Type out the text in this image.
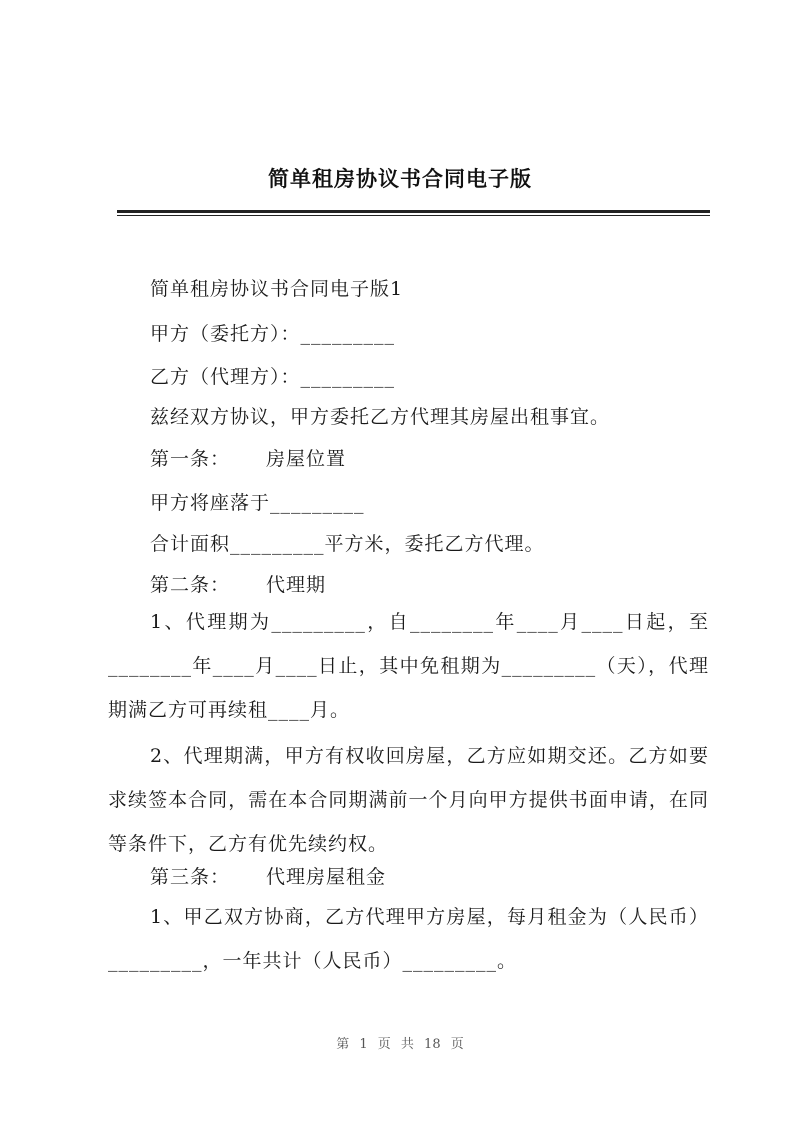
简单租房协议书合同电子版
简单租房协议书合同电子版1
甲方（委托方）：_________
乙方（代理方）：_________
兹经双方协议，甲方委托乙方代理其房屋出租事宜。
第一条： 房屋位置
甲方将座落于_________
合计面积_________平方米，委托乙方代理。
第二条： 代理期
1、代理期为_________，自________年____月____日起，至________年____月____日止，其中免租期为_________（天），代理期满乙方可再续租____月。
2、代理期满，甲方有权收回房屋，乙方应如期交还。乙方如要求续签本合同，需在本合同期满前一个月向甲方提供书面申请，在同等条件下，乙方有优先续约权。
第三条： 代理房屋租金
1、甲乙双方协商，乙方代理甲方房屋，每月租金为（人民币）_________，一年共计（人民币）_________。
第 1 页 共 18 页
